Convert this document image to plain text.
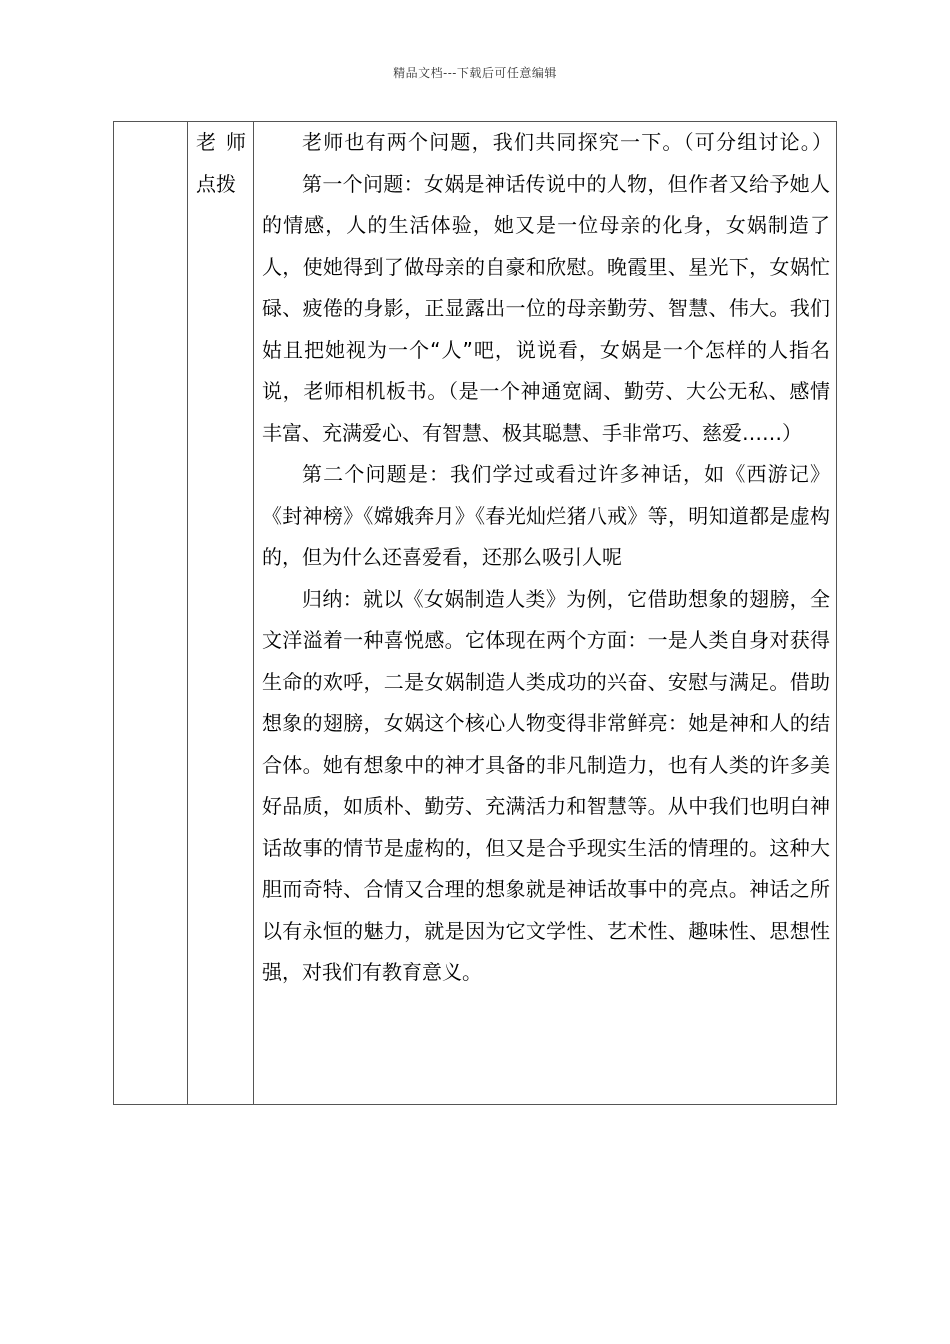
精品文档---下载后可任意编辑
老师
点拨

老师也有两个问题，我们共同探究一下。（可分组讨论。）

第一个问题：女娲是神话传说中的人物，但作者又给予她人的情感，人的生活体验，她又是一位母亲的化身，女娲制造了人，使她得到了做母亲的自豪和欣慰。晚霞里、星光下，女娲忙碌、疲倦的身影，正显露出一位的母亲勤劳、智慧、伟大。我们姑且把她视为一个“人”吧，说说看，女娲是一个怎样的人指名说，老师相机板书。（是一个神通宽阔、勤劳、大公无私、感情丰富、充满爱心、有智慧、极其聪慧、手非常巧、慈爱……）

第二个问题是：我们学过或看过许多神话，如《西游记》《封神榜》《嫦娥奔月》《春光灿烂猪八戒》等，明知道都是虚构的，但为什么还喜爱看，还那么吸引人呢

归纳：就以《女娲制造人类》为例，它借助想象的翅膀，全文洋溢着一种喜悦感。它体现在两个方面：一是人类自身对获得生命的欢呼，二是女娲制造人类成功的兴奋、安慰与满足。借助想象的翅膀，女娲这个核心人物变得非常鲜亮：她是神和人的结合体。她有想象中的神才具备的非凡制造力，也有人类的许多美好品质，如质朴、勤劳、充满活力和智慧等。从中我们也明白神话故事的情节是虚构的，但又是合乎现实生活的情理的。这种大胆而奇特、合情又合理的想象就是神话故事中的亮点。神话之所以有永恒的魅力，就是因为它文学性、艺术性、趣味性、思想性强，对我们有教育意义。
